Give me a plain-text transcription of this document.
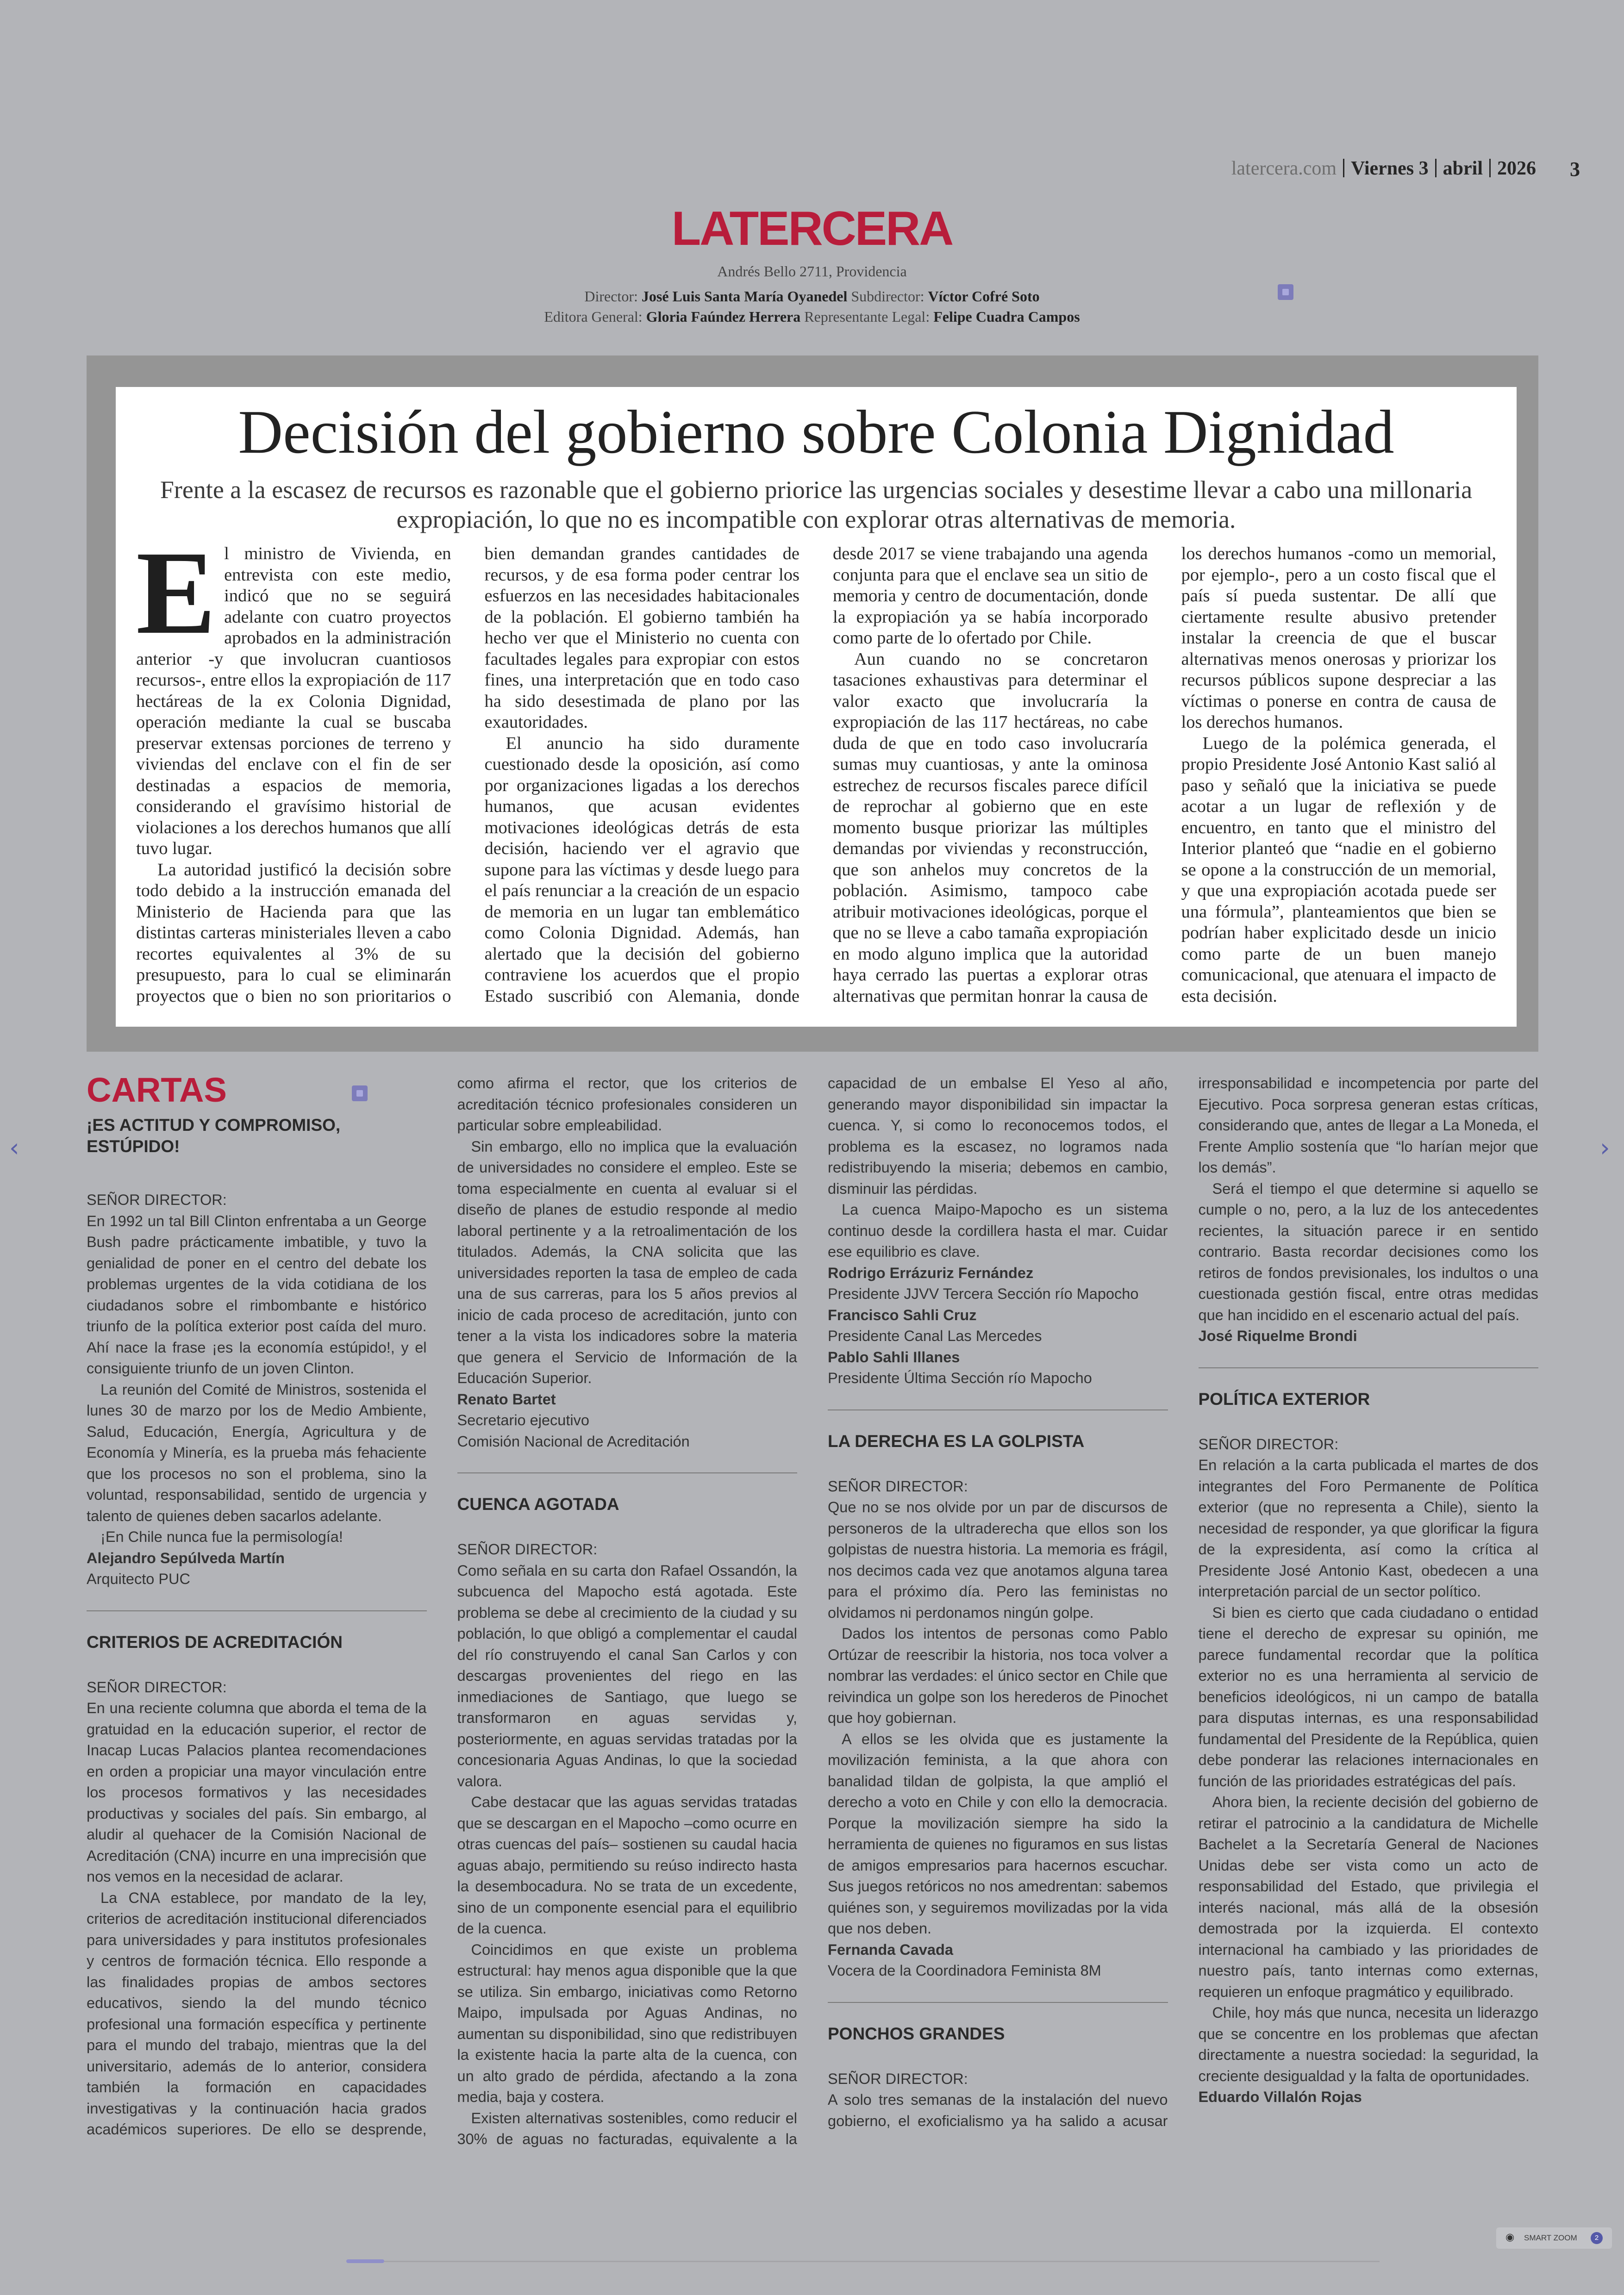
latercera.com Viernes 3 abril 2026 3
LATERCERA
Andrés Bello 2711, Providencia
Director: José Luis Santa María Oyanedel Subdirector: Víctor Cofré Soto
Editora General: Gloria Faúndez Herrera Representante Legal: Felipe Cuadra Campos
Decisión del gobierno sobre Colonia Dignidad
Frente a la escasez de recursos es razonable que el gobierno priorice las urgencias sociales y desestime llevar a cabo una millonaria expropiación, lo que no es incompatible con explorar otras alternativas de memoria.

El ministro de Vivienda, en entrevista con este medio, indicó que no se seguirá adelante con cuatro proyectos aprobados en la administración anterior -y que involucran cuantiosos recursos-, entre ellos la expropiación de 117 hectáreas de la ex Colonia Dignidad, operación mediante la cual se buscaba preservar extensas porciones de terreno y viviendas del enclave con el fin de ser destinadas a espacios de memoria, considerando el gravísimo historial de violaciones a los derechos humanos que allí tuvo lugar.

La autoridad justificó la decisión sobre todo debido a la instrucción emanada del Ministerio de Hacienda para que las distintas carteras ministeriales lleven a cabo recortes equivalentes al 3% de su presupuesto, para lo cual se eliminarán proyectos que o bien no son prioritarios o bien demandan grandes cantidades de recursos, y de esa forma poder centrar los esfuerzos en las necesidades habitacionales de la población. El gobierno también ha hecho ver que el Ministerio no cuenta con facultades legales para expropiar con estos fines, una interpretación que en todo caso ha sido desestimada de plano por las exautoridades.

El anuncio ha sido duramente cuestionado desde la oposición, así como por organizaciones ligadas a los derechos humanos, que acusan evidentes motivaciones ideológicas detrás de esta decisión, haciendo ver el agravio que supone para las víctimas y desde luego para el país renunciar a la creación de un espacio de memoria en un lugar tan emblemático como Colonia Dignidad. Además, han alertado que la decisión del gobierno contraviene los acuerdos que el propio Estado suscribió con Alemania, donde desde 2017 se viene trabajando una agenda conjunta para que el enclave sea un sitio de memoria y centro de documentación, donde la expropiación ya se había incorporado como parte de lo ofertado por Chile.

Aun cuando no se concretaron tasaciones exhaustivas para determinar el valor exacto que involucraría la expropiación de las 117 hectáreas, no cabe duda de que en todo caso involucraría sumas muy cuantiosas, y ante la ominosa estrechez de recursos fiscales parece difícil de reprochar al gobierno que en este momento busque priorizar las múltiples demandas por viviendas y reconstrucción, que son anhelos muy concretos de la población. Asimismo, tampoco cabe atribuir motivaciones ideológicas, porque el que no se lleve a cabo tamaña expropiación en modo alguno implica que la autoridad haya cerrado las puertas a explorar otras alternativas que permitan honrar la causa de los derechos humanos -como un memorial, por ejemplo-, pero a un costo fiscal que el país sí pueda sustentar. De allí que ciertamente resulte abusivo pretender instalar la creencia de que el buscar alternativas menos onerosas y priorizar los recursos públicos supone despreciar a las víctimas o ponerse en contra de causa de los derechos humanos.

Luego de la polémica generada, el propio Presidente José Antonio Kast salió al paso y señaló que la iniciativa se puede acotar a un lugar de reflexión y de encuentro, en tanto que el ministro del Interior planteó que “nadie en el gobierno se opone a la construcción de un memorial, y que una expropiación acotada puede ser una fórmula”, planteamientos que bien se podrían haber explicitado desde un inicio como parte de un buen manejo comunicacional, que atenuara el impacto de esta decisión.

CARTAS
¡ES ACTITUD Y COMPROMISO, ESTÚPIDO!

SEÑOR DIRECTOR:

En 1992 un tal Bill Clinton enfrentaba a un George Bush padre prácticamente imbatible, y tuvo la genialidad de poner en el centro del debate los problemas urgentes de la vida cotidiana de los ciudadanos sobre el rimbombante e histórico triunfo de la política exterior post caída del muro. Ahí nace la frase ¡es la economía estúpido!, y el consiguiente triunfo de un joven Clinton.

La reunión del Comité de Ministros, sostenida el lunes 30 de marzo por los de Medio Ambiente, Salud, Educación, Energía, Agricultura y de Economía y Minería, es la prueba más fehaciente que los procesos no son el problema, sino la voluntad, responsabilidad, sentido de urgencia y talento de quienes deben sacarlos adelante.

¡En Chile nunca fue la permisología!

Alejandro Sepúlveda Martín

Arquitecto PUC

CRITERIOS DE ACREDITACIÓN

SEÑOR DIRECTOR:

En una reciente columna que aborda el tema de la gratuidad en la educación superior, el rector de Inacap Lucas Palacios plantea recomendaciones en orden a propiciar una mayor vinculación entre los procesos formativos y las necesidades productivas y sociales del país. Sin embargo, al aludir al quehacer de la Comisión Nacional de Acreditación (CNA) incurre en una imprecisión que nos vemos en la necesidad de aclarar.

La CNA establece, por mandato de la ley, criterios de acreditación institucional diferenciados para universidades y para institutos profesionales y centros de formación técnica. Ello responde a las finalidades propias de ambos sectores educativos, siendo la del mundo técnico profesional una formación específica y pertinente para el mundo del trabajo, mientras que la del universitario, además de lo anterior, considera también la formación en capacidades investigativas y la continuación hacia grados académicos superiores. De ello se desprende, como afirma el rector, que los criterios de acreditación técnico profesionales consideren un particular sobre empleabilidad.

Sin embargo, ello no implica que la evaluación de universidades no considere el empleo. Este se toma especialmente en cuenta al evaluar si el diseño de planes de estudio responde al medio laboral pertinente y a la retroalimentación de los titulados. Además, la CNA solicita que las universidades reporten la tasa de empleo de cada una de sus carreras, para los 5 años previos al inicio de cada proceso de acreditación, junto con tener a la vista los indicadores sobre la materia que genera el Servicio de Información de la Educación Superior.

Renato Bartet

Secretario ejecutivo

Comisión Nacional de Acreditación

CUENCA AGOTADA

SEÑOR DIRECTOR:

Como señala en su carta don Rafael Ossandón, la subcuenca del Mapocho está agotada. Este problema se debe al crecimiento de la ciudad y su población, lo que obligó a complementar el caudal del río construyendo el canal San Carlos y con descargas provenientes del riego en las inmediaciones de Santiago, que luego se transformaron en aguas servidas y, posteriormente, en aguas servidas tratadas por la concesionaria Aguas Andinas, lo que la sociedad valora.

Cabe destacar que las aguas servidas tratadas que se descargan en el Mapocho –como ocurre en otras cuencas del país– sostienen su caudal hacia aguas abajo, permitiendo su reúso indirecto hasta la desembocadura. No se trata de un excedente, sino de un componente esencial para el equilibrio de la cuenca.

Coincidimos en que existe un problema estructural: hay menos agua disponible que la que se utiliza. Sin embargo, iniciativas como Retorno Maipo, impulsada por Aguas Andinas, no aumentan su disponibilidad, sino que redistribuyen la existente hacia la parte alta de la cuenca, con un alto grado de pérdida, afectando a la zona media, baja y costera.

Existen alternativas sostenibles, como reducir el 30% de aguas no facturadas, equivalente a la capacidad de un embalse El Yeso al año, generando mayor disponibilidad sin impactar la cuenca. Y, si como lo reconocemos todos, el problema es la escasez, no logramos nada redistribuyendo la miseria; debemos en cambio, disminuir las pérdidas.

La cuenca Maipo-Mapocho es un sistema continuo desde la cordillera hasta el mar. Cuidar ese equilibrio es clave.

Rodrigo Errázuriz Fernández

Presidente JJVV Tercera Sección río Mapocho

Francisco Sahli Cruz

Presidente Canal Las Mercedes

Pablo Sahli Illanes

Presidente Última Sección río Mapocho

LA DERECHA ES LA GOLPISTA

SEÑOR DIRECTOR:

Que no se nos olvide por un par de discursos de personeros de la ultraderecha que ellos son los golpistas de nuestra historia. La memoria es frágil, nos decimos cada vez que anotamos alguna tarea para el próximo día. Pero las feministas no olvidamos ni perdonamos ningún golpe.

Dados los intentos de personas como Pablo Ortúzar de reescribir la historia, nos toca volver a nombrar las verdades: el único sector en Chile que reivindica un golpe son los herederos de Pinochet que hoy gobiernan.

A ellos se les olvida que es justamente la movilización feminista, a la que ahora con banalidad tildan de golpista, la que amplió el derecho a voto en Chile y con ello la democracia. Porque la movilización siempre ha sido la herramienta de quienes no figuramos en sus listas de amigos empresarios para hacernos escuchar. Sus juegos retóricos no nos amedrentan: sabemos quiénes son, y seguiremos movilizadas por la vida que nos deben.

Fernanda Cavada

Vocera de la Coordinadora Feminista 8M

PONCHOS GRANDES

SEÑOR DIRECTOR:

A solo tres semanas de la instalación del nuevo gobierno, el exoficialismo ya ha salido a acusar irresponsabilidad e incompetencia por parte del Ejecutivo. Poca sorpresa generan estas críticas, considerando que, antes de llegar a La Moneda, el Frente Amplio sostenía que “lo harían mejor que los demás”.

Será el tiempo el que determine si aquello se cumple o no, pero, a la luz de los antecedentes recientes, la situación parece ir en sentido contrario. Basta recordar decisiones como los retiros de fondos previsionales, los indultos o una cuestionada gestión fiscal, entre otras medidas que han incidido en el escenario actual del país.

José Riquelme Brondi

POLÍTICA EXTERIOR

SEÑOR DIRECTOR:

En relación a la carta publicada el martes de dos integrantes del Foro Permanente de Política exterior (que no representa a Chile), siento la necesidad de responder, ya que glorificar la figura de la expresidenta, así como la crítica al Presidente José Antonio Kast, obedecen a una interpretación parcial de un sector político.

Si bien es cierto que cada ciudadano o entidad tiene el derecho de expresar su opinión, me parece fundamental recordar que la política exterior no es una herramienta al servicio de beneficios ideológicos, ni un campo de batalla para disputas internas, es una responsabilidad fundamental del Presidente de la República, quien debe ponderar las relaciones internacionales en función de las prioridades estratégicas del país.

Ahora bien, la reciente decisión del gobierno de retirar el patrocinio a la candidatura de Michelle Bachelet a la Secretaría General de Naciones Unidas debe ser vista como un acto de responsabilidad del Estado, que privilegia el interés nacional, más allá de la obsesión demostrada por la izquierda. El contexto internacional ha cambiado y las prioridades de nuestro país, tanto internas como externas, requieren un enfoque pragmático y equilibrado.

Chile, hoy más que nunca, necesita un liderazgo que se concentre en los problemas que afectan directamente a nuestra sociedad: la seguridad, la creciente desigualdad y la falta de oportunidades.

Eduardo Villalón Rojas

‹	›
◉ SMART ZOOM	2
